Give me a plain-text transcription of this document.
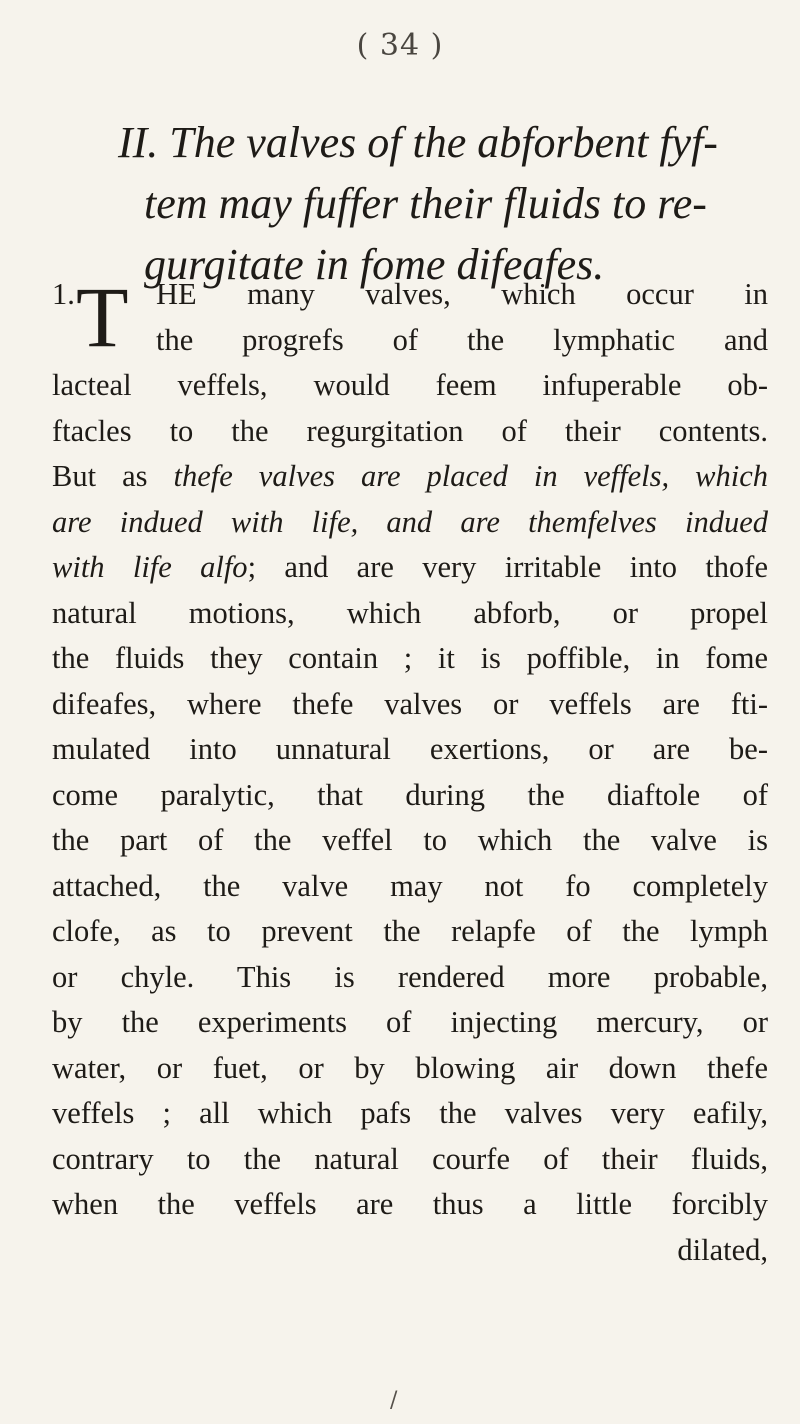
( 34 )
II. The valves of the abforbent fyf-
tem may fuffer their fluids to re-
gurgitate in fome difeafes.
1. T HE many valves, which occur in
the progrefs of the lymphatic and
lacteal veffels, would feem infuperable ob-
ftacles to the regurgitation of their contents.
But as thefe valves are placed in veffels, which
are indued with life, and are themfelves indued
with life alfo; and are very irritable into thofe
natural motions, which abforb, or propel
the fluids they contain ; it is poffible, in fome
difeafes, where thefe valves or veffels are fti-
mulated into unnatural exertions, or are be-
come paralytic, that during the diaftole of
the part of the veffel to which the valve is
attached, the valve may not fo completely
clofe, as to prevent the relapfe of the lymph
or chyle. This is rendered more probable,
by the experiments of injecting mercury, or
water, or fuet, or by blowing air down thefe
veffels ; all which pafs the valves very eafily,
contrary to the natural courfe of their fluids,
when the veffels are thus a little forcibly
dilated,
/
